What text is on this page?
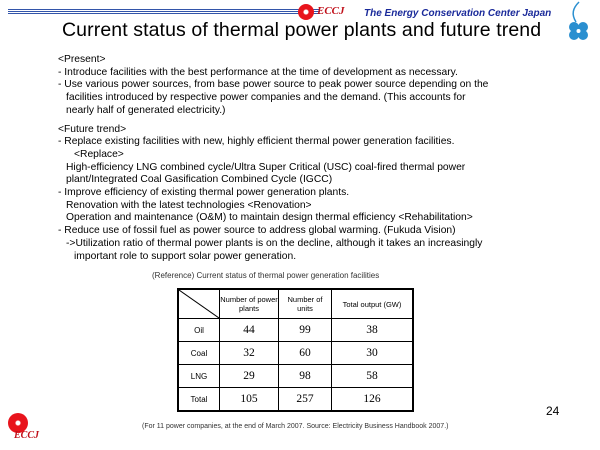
ECCJ The Energy Conservation Center Japan
Current status of thermal power plants and future trend
<Present>
- Introduce facilities with the best performance at the time of development as necessary.
- Use various power sources, from base power source to peak power source depending on the
facilities introduced by respective power companies and the demand. (This accounts for
nearly half of generated electricity.)
<Future trend>
- Replace existing facilities with new, highly efficient thermal power generation facilities.
<Replace>
High-efficiency LNG combined cycle/Ultra Super Critical (USC) coal-fired thermal power
plant/Integrated Coal Gasification Combined Cycle (IGCC)
- Improve efficiency of existing thermal power generation plants.
Renovation with the latest technologies <Renovation>
Operation and maintenance (O&M) to maintain design thermal efficiency <Rehabilitation>
- Reduce use of fossil fuel as power source to address global warming. (Fukuda Vision)
->Utilization ratio of thermal power plants is on the decline, although it takes an increasingly
important role to support solar power generation.
(Reference) Current status of thermal power generation facilities
	Number of power plants	Number of units	Total output (GW)
Oil	44	99	38
Coal	32	60	30
LNG	29	98	58
Total	105	257	126
24
ECCJ
(For 11 power companies, at the end of March 2007. Source: Electricity Business Handbook 2007.)
